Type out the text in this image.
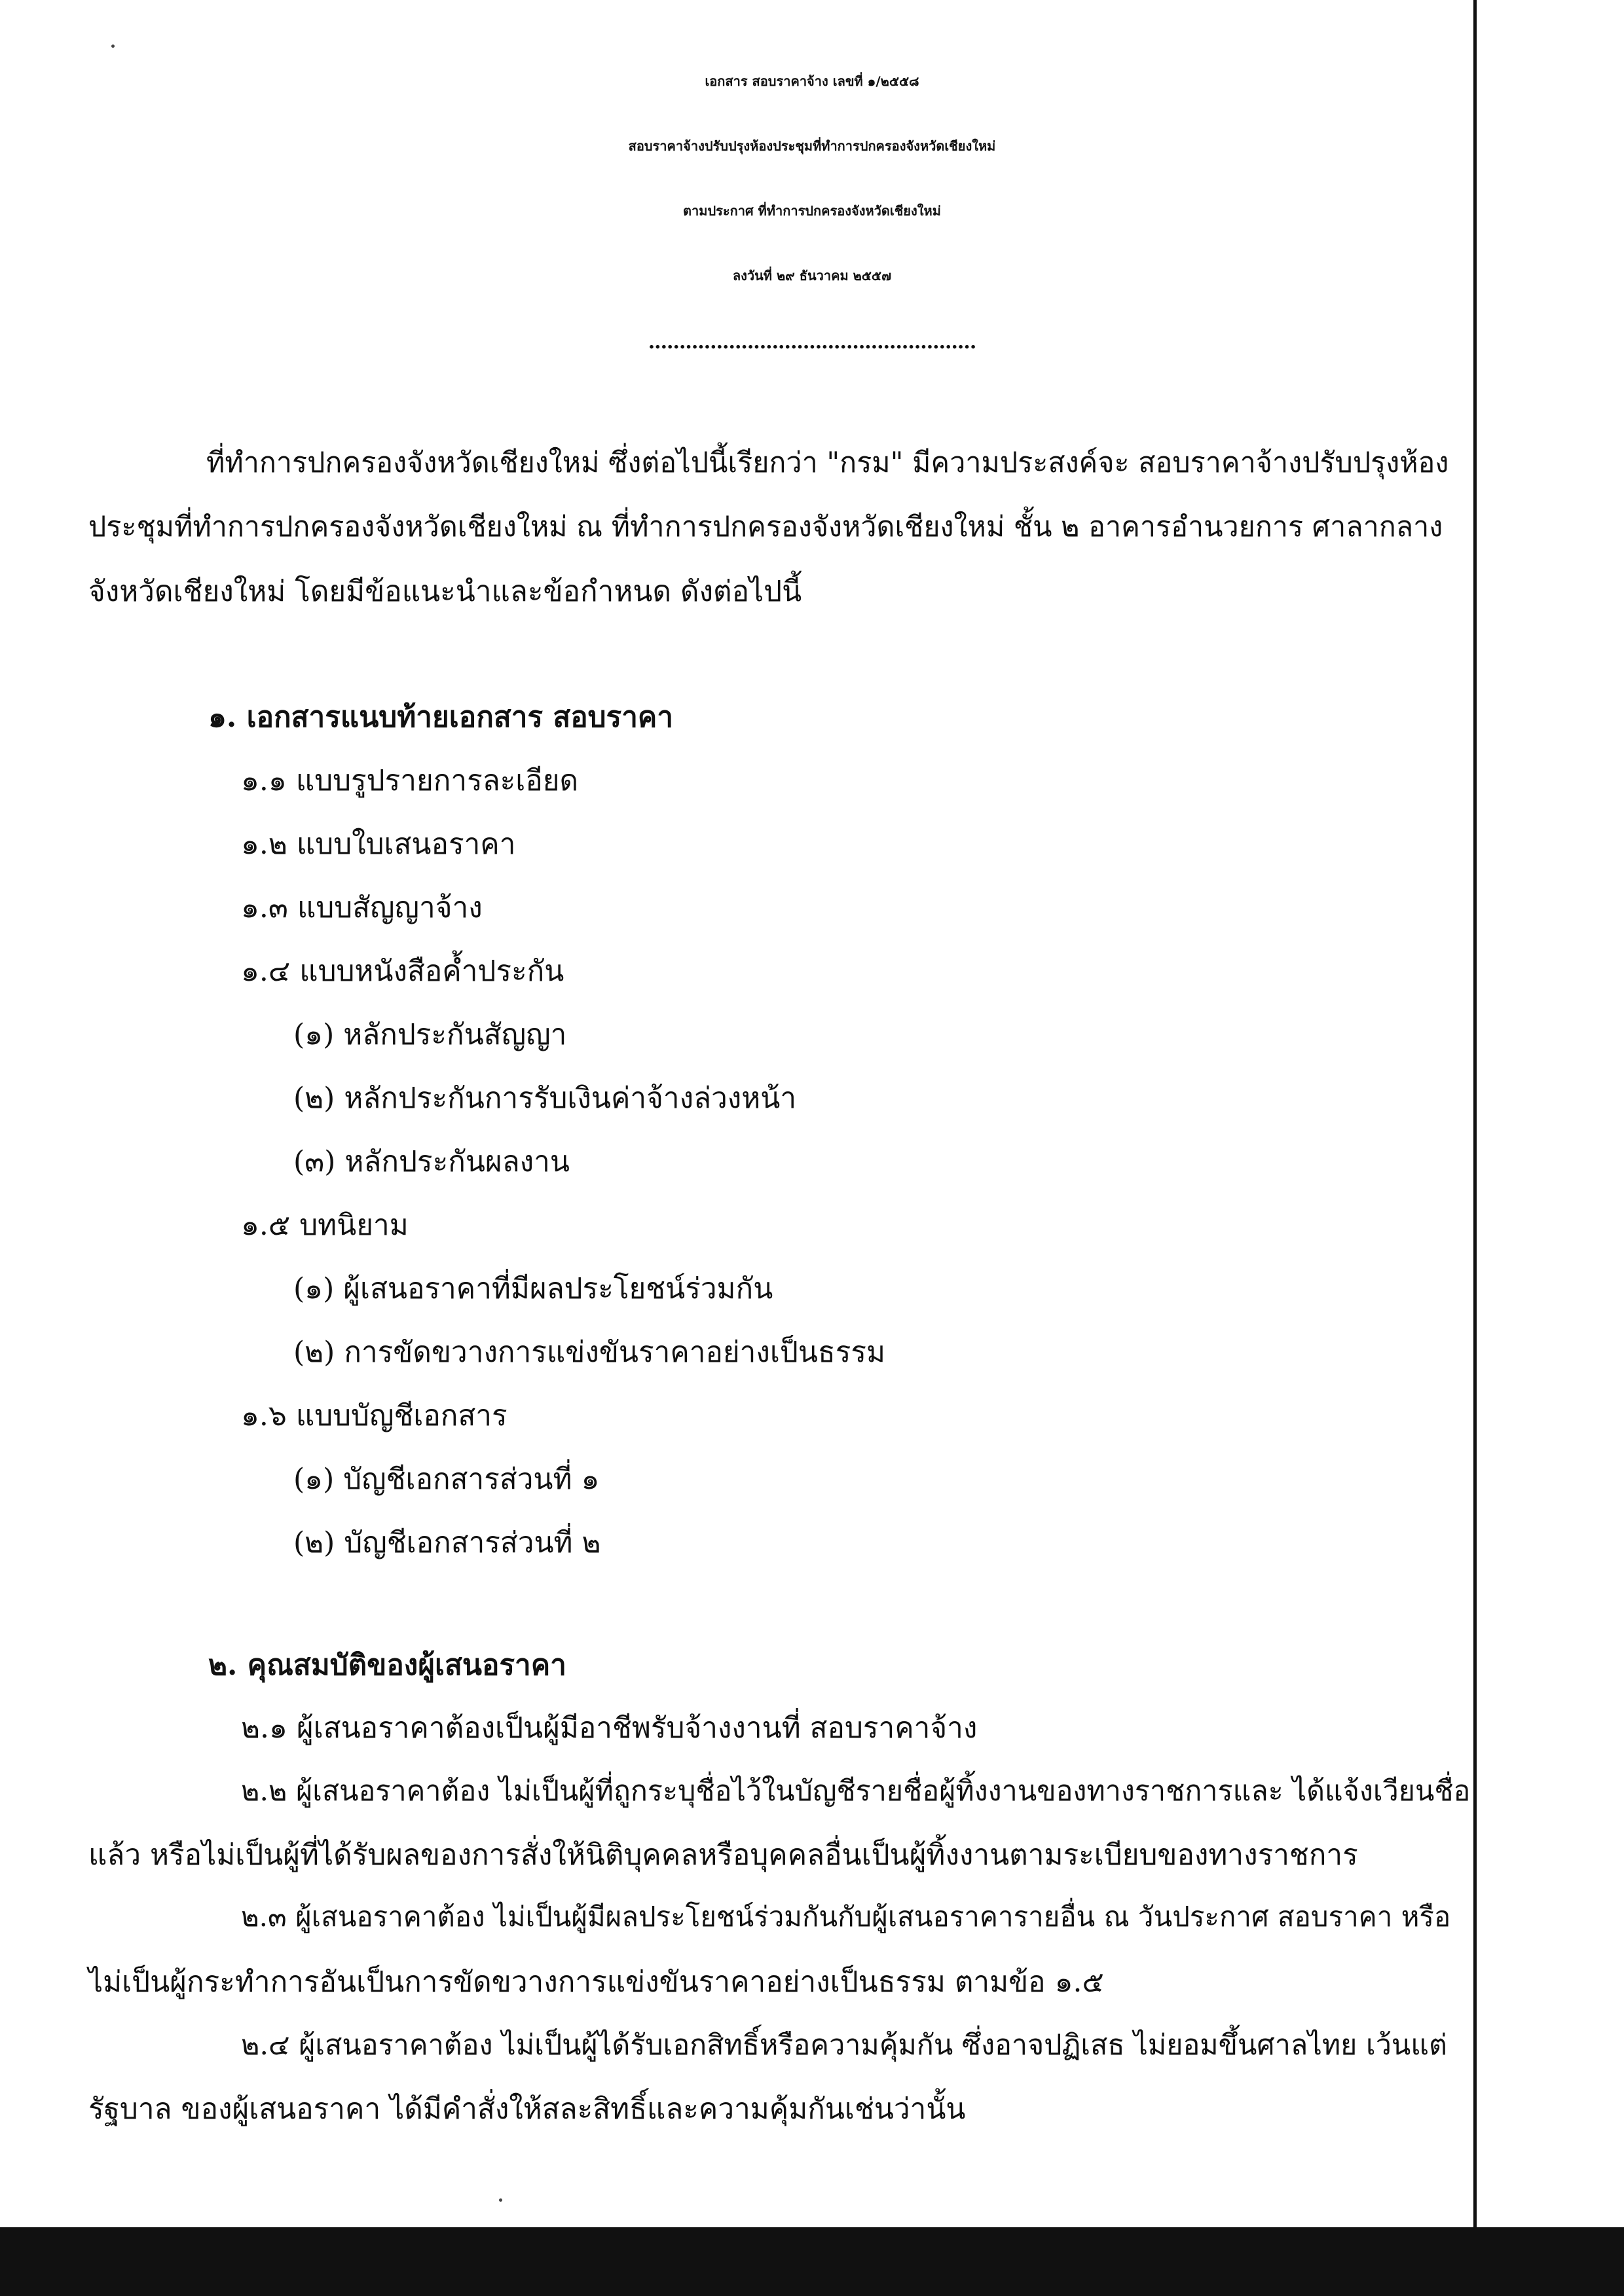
เอกสาร สอบราคาจ้าง เลขที่ ๑/๒๕๕๘
สอบราคาจ้างปรับปรุงห้องประชุมที่ทำการปกครองจังหวัดเชียงใหม่
ตามประกาศ ที่ทำการปกครองจังหวัดเชียงใหม่
ลงวันที่ ๒๙ ธันวาคม ๒๕๕๗
.....................................................
ที่ทำการปกครองจังหวัดเชียงใหม่ ซึ่งต่อไปนี้เรียกว่า "กรม" มีความประสงค์จะ สอบราคาจ้างปรับปรุงห้อง
ประชุมที่ทำการปกครองจังหวัดเชียงใหม่ ณ ที่ทำการปกครองจังหวัดเชียงใหม่ ชั้น ๒ อาคารอำนวยการ ศาลากลาง
จังหวัดเชียงใหม่ โดยมีข้อแนะนำและข้อกำหนด ดังต่อไปนี้
๑. เอกสารแนบท้ายเอกสาร สอบราคา
๑.๑ แบบรูปรายการละเอียด
๑.๒ แบบใบเสนอราคา
๑.๓ แบบสัญญาจ้าง
๑.๔ แบบหนังสือค้ำประกัน
(๑) หลักประกันสัญญา
(๒) หลักประกันการรับเงินค่าจ้างล่วงหน้า
(๓) หลักประกันผลงาน
๑.๕ บทนิยาม
(๑) ผู้เสนอราคาที่มีผลประโยชน์ร่วมกัน
(๒) การขัดขวางการแข่งขันราคาอย่างเป็นธรรม
๑.๖ แบบบัญชีเอกสาร
(๑) บัญชีเอกสารส่วนที่ ๑
(๒) บัญชีเอกสารส่วนที่ ๒
๒. คุณสมบัติของผู้เสนอราคา
๒.๑ ผู้เสนอราคาต้องเป็นผู้มีอาชีพรับจ้างงานที่ สอบราคาจ้าง
๒.๒ ผู้เสนอราคาต้อง ไม่เป็นผู้ที่ถูกระบุชื่อไว้ในบัญชีรายชื่อผู้ทิ้งงานของทางราชการและ ได้แจ้งเวียนชื่อ
แล้ว หรือไม่เป็นผู้ที่ได้รับผลของการสั่งให้นิติบุคคลหรือบุคคลอื่นเป็นผู้ทิ้งงานตามระเบียบของทางราชการ
๒.๓ ผู้เสนอราคาต้อง ไม่เป็นผู้มีผลประโยชน์ร่วมกันกับผู้เสนอราคารายอื่น ณ วันประกาศ สอบราคา หรือ
ไม่เป็นผู้กระทำการอันเป็นการขัดขวางการแข่งขันราคาอย่างเป็นธรรม ตามข้อ ๑.๕
๒.๔ ผู้เสนอราคาต้อง ไม่เป็นผู้ได้รับเอกสิทธิ์หรือความคุ้มกัน ซึ่งอาจปฏิเสธ ไม่ยอมขึ้นศาลไทย เว้นแต่
รัฐบาล ของผู้เสนอราคา ได้มีคำสั่งให้สละสิทธิ์และความคุ้มกันเช่นว่านั้น
